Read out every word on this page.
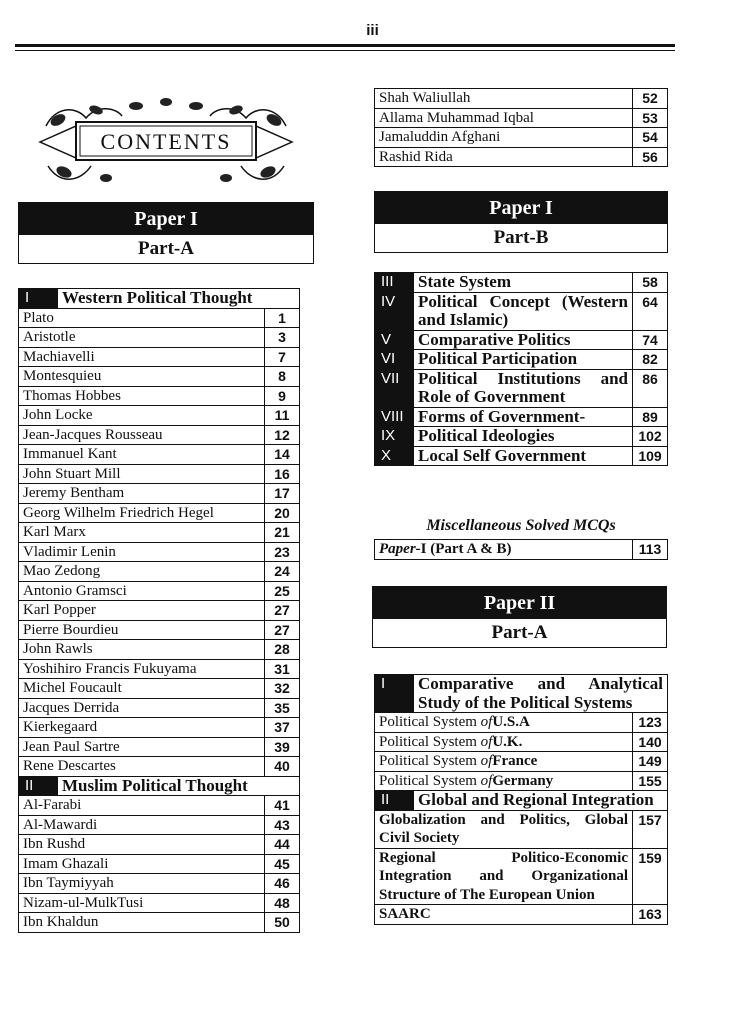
iii
CONTENTS
Paper I
Part-A
I	Western Political Thought	
Plato		1
Aristotle		3
Machiavelli		7
Montesquieu		8
Thomas Hobbes		9
John Locke		11
Jean-Jacques Rousseau		12
Immanuel Kant		14
John Stuart Mill		16
Jeremy Bentham		17
Georg Wilhelm Friedrich Hegel		20
Karl Marx		21
Vladimir Lenin		23
Mao Zedong		24
Antonio Gramsci		25
Karl Popper		27
Pierre Bourdieu		27
John Rawls		28
Yoshihiro Francis Fukuyama		31
Michel Foucault		32
Jacques Derrida		35
Kierkegaard		37
Jean Paul Sartre		39
Rene Descartes		40
II	Muslim Political Thought	
Al-Farabi		41
Al-Mawardi		43
Ibn Rushd		44
Imam Ghazali		45
Ibn Taymiyyah		46
Nizam-ul-MulkTusi		48
Ibn Khaldun		50
Shah Waliullah	52
Allama Muhammad Iqbal	53
Jamaluddin Afghani	54
Rashid Rida	56
Paper I
Part-B
III	State System	58
IV	Political Concept (Western and Islamic)	64
V	Comparative Politics	74
VI	Political Participation	82
VII	Political Institutions and Role of Government	86
VIII	Forms of Government-	89
IX	Political Ideologies	102
X	Local Self Government	109
Miscellaneous Solved MCQs
Paper-I (Part A & B)	113
Paper II
Part-A
I	Comparative and Analytical Study of the Political Systems	
Political System ofU.S.A		123
Political System ofU.K.		140
Political System ofFrance		149
Political System ofGermany		155
II	Global and Regional Integration	
Globalization and Politics, Global Civil Society		157
Regional Politico-Economic Integration and Organizational Structure of The European Union		159
SAARC		163
